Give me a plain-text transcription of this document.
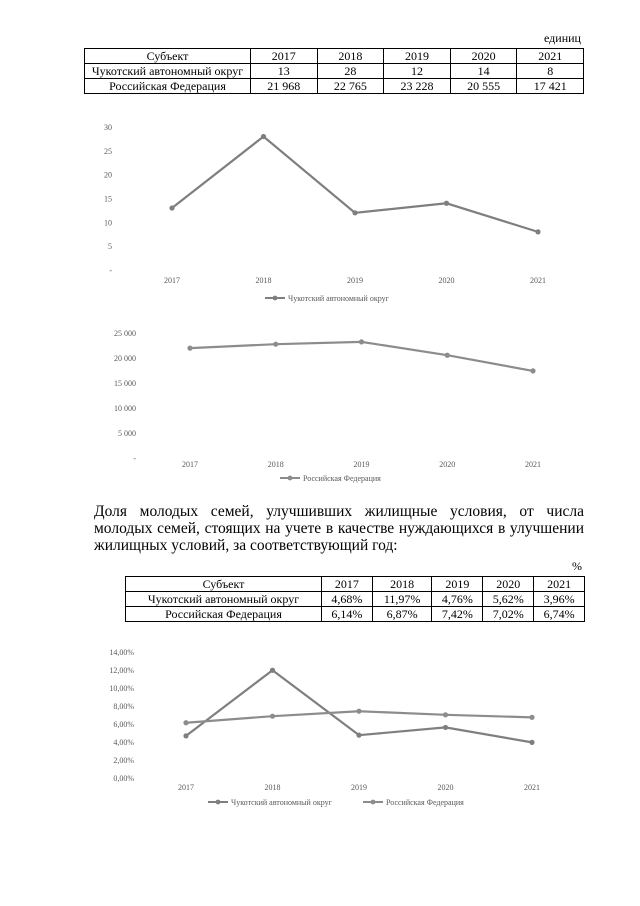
единиц
Субъект	2017	2018	2019	2020	2021
Чукотский автономный округ	13	28	12	14	8
Российская Федерация	21 968	22 765	23 228	20 555	17 421
Доля молодых семей, улучшивших жилищные условия, от числа
молодых семей, стоящих на учете в качестве нуждающихся в улучшении
жилищных условий, за соответствующий год:
%
Субъект	2017	2018	2019	2020	2021
Чукотский автономный округ	4,68%	11,97%	4,76%	5,62%	3,96%
Российская Федерация	6,14%	6,87%	7,42%	7,02%	6,74%
30
25
20
15
10
5
-
2017	2018	2019	2020	2021
Чукотский автономный округ
25 000
20 000
15 000
10 000
5 000
-
2017	2018	2019	2020	2021
Российская Федерация
14,00%
12,00%
10,00%
8,00%
6,00%
4,00%
2,00%
0,00%
2017	2018	2019	2020	2021
Чукотский автономный округ	Российская Федерация
